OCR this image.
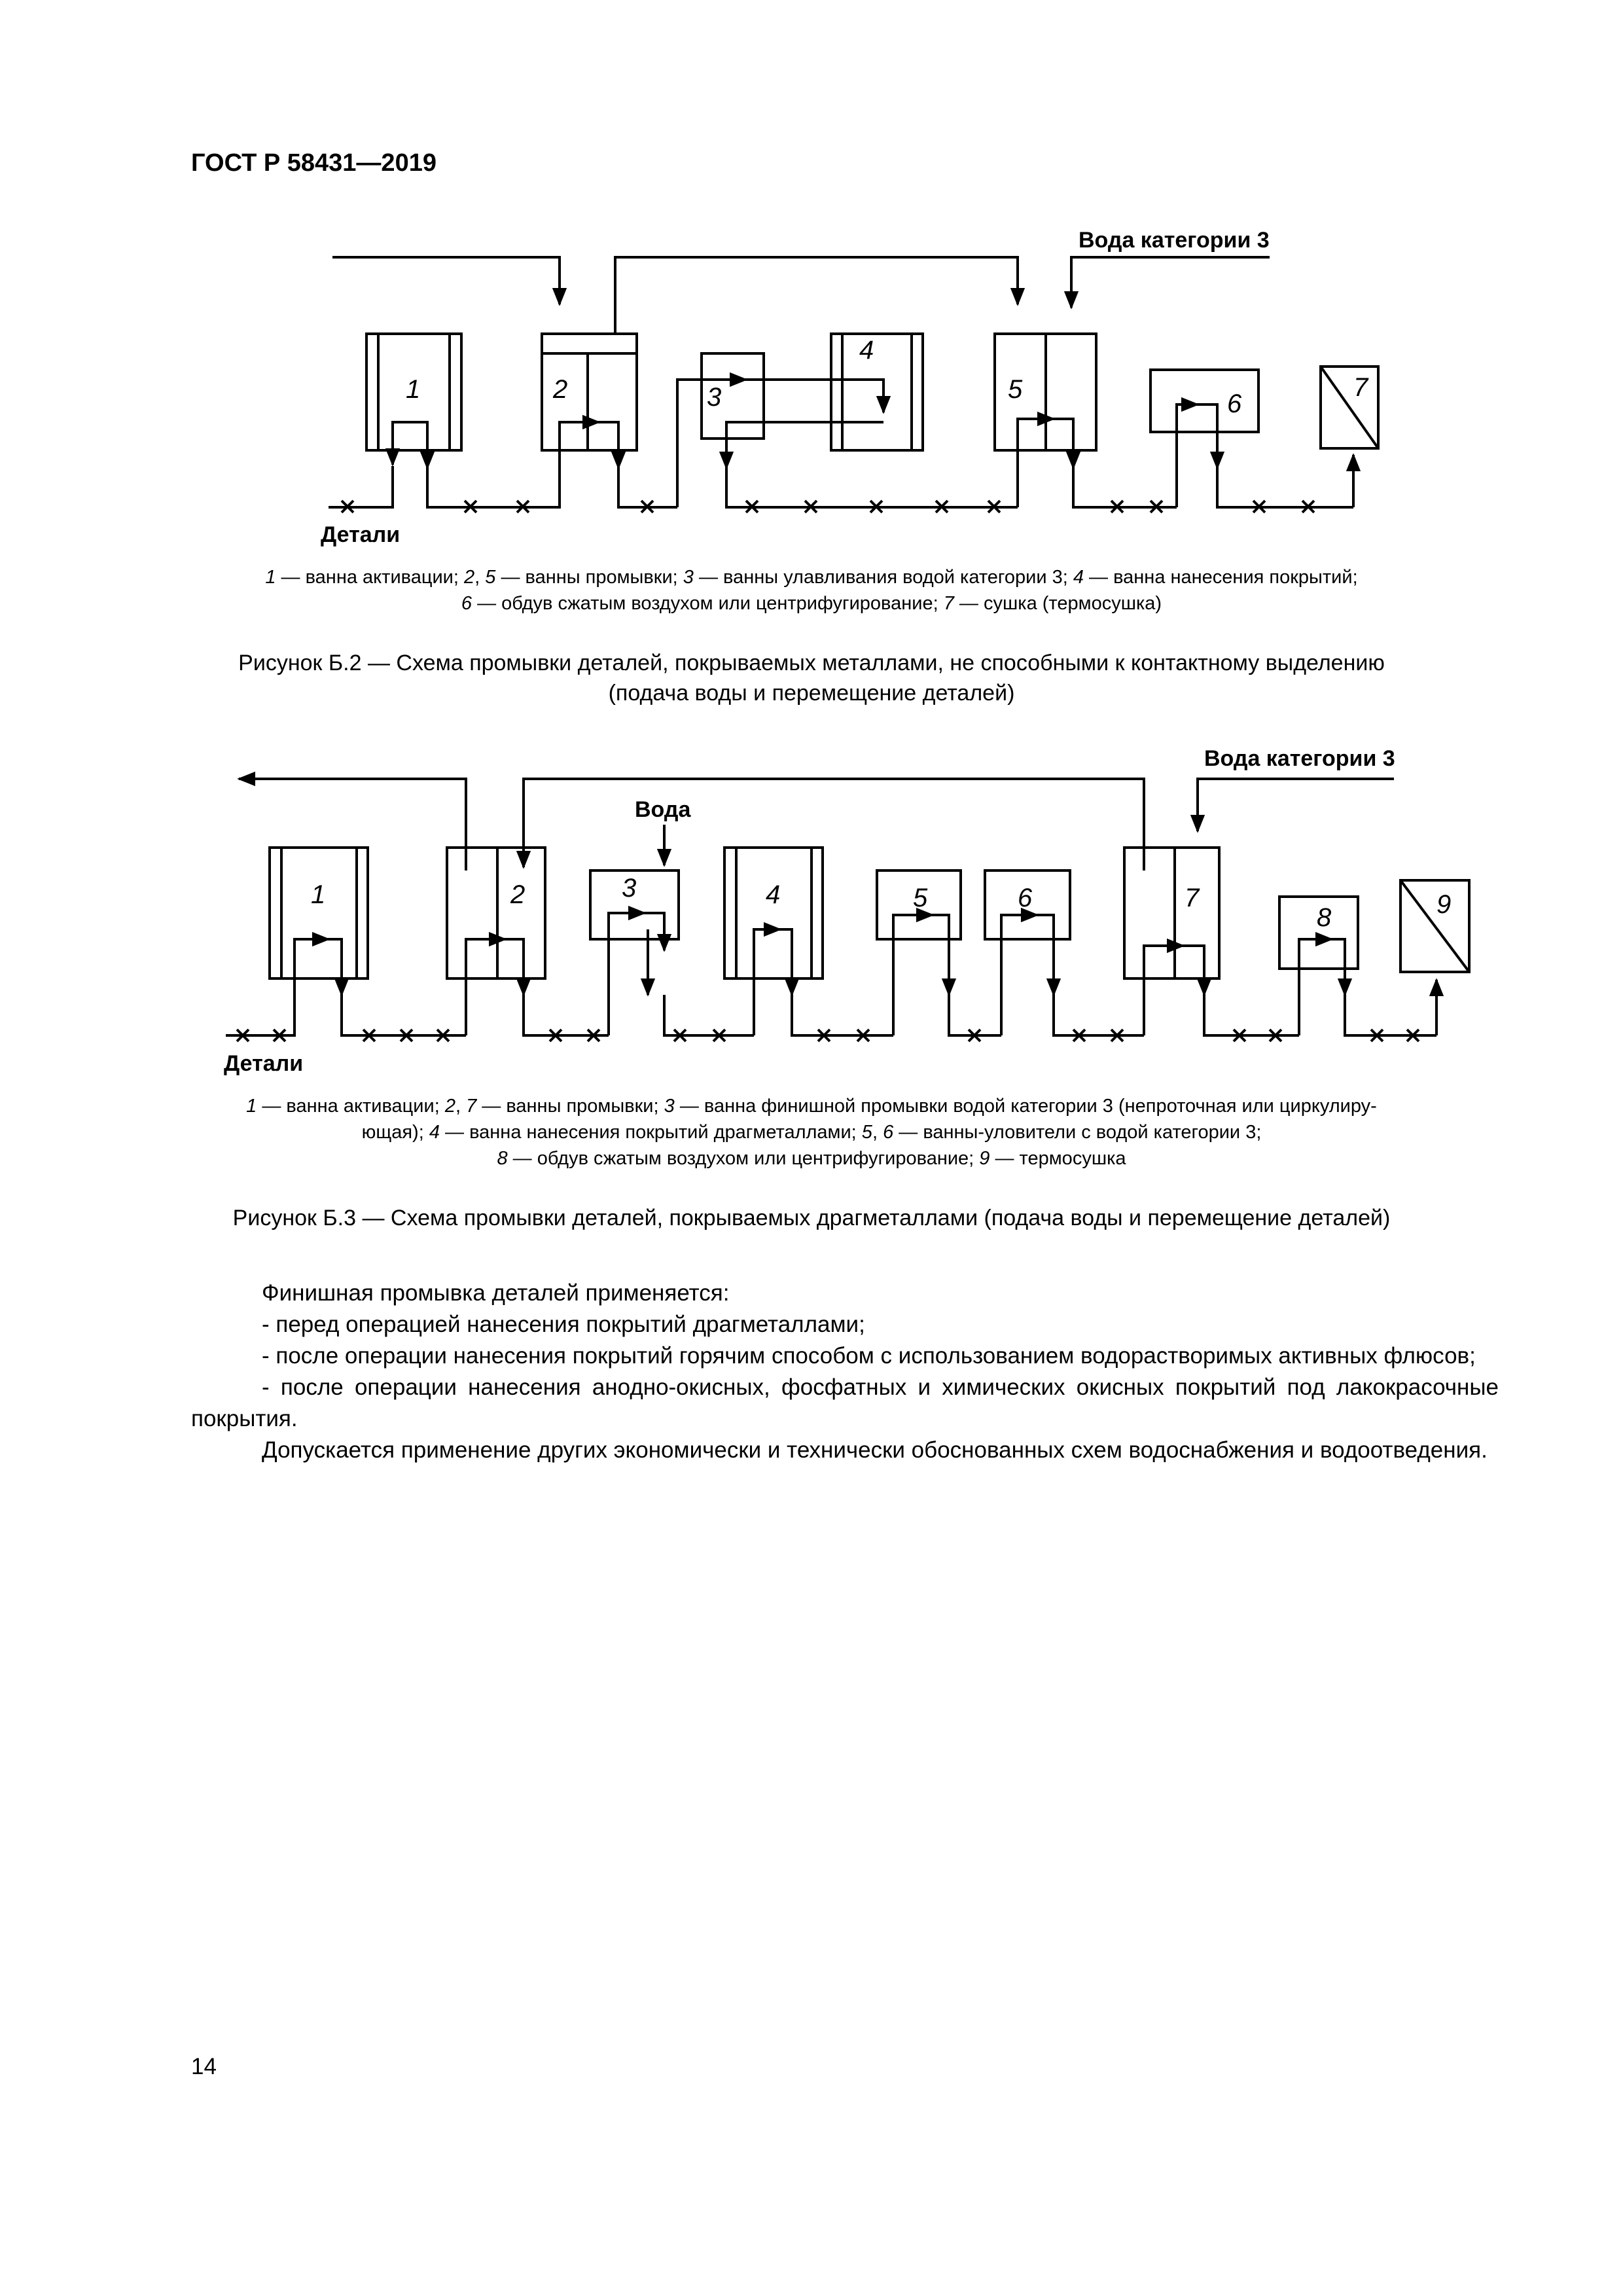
ГОСТ Р 58431—2019
Вода категории 3
1	2	3
4
5	6
7
Детали
1 — ванна активации; 2, 5 — ванны промывки; 3 — ванны улавливания водой категории 3; 4 — ванна нанесения покрытий;
6 — обдув сжатым воздухом или центрифугирование; 7 — сушка (термосушка)
Рисунок Б.2 — Схема промывки деталей, покрываемых металлами, не способными к контактному выделению
(подача воды и перемещение деталей)
Вода категории 3
Вода
1	2	3	4	5	6	7
8	9
Детали
1 — ванна активации; 2, 7 — ванны промывки; 3 — ванна финишной промывки водой категории 3 (непроточная или циркулиру-
ющая); 4 — ванна нанесения покрытий драгметаллами; 5, 6 — ванны-уловители с водой категории 3;
8 — обдув сжатым воздухом или центрифугирование; 9 — термосушка
Рисунок Б.3 — Схема промывки деталей, покрываемых драгметаллами (подача воды и перемещение деталей)

Финишная промывка деталей применяется:

- перед операцией нанесения покрытий драгметаллами;

- после операции нанесения покрытий горячим способом с использованием водорастворимых активных флюсов;

- после операции нанесения анодно-окисных, фосфатных и химических окисных покрытий под лакокрасочные покрытия.

Допускается применение других экономически и технически обоснованных схем водоснабжения и водоотведения.

14
